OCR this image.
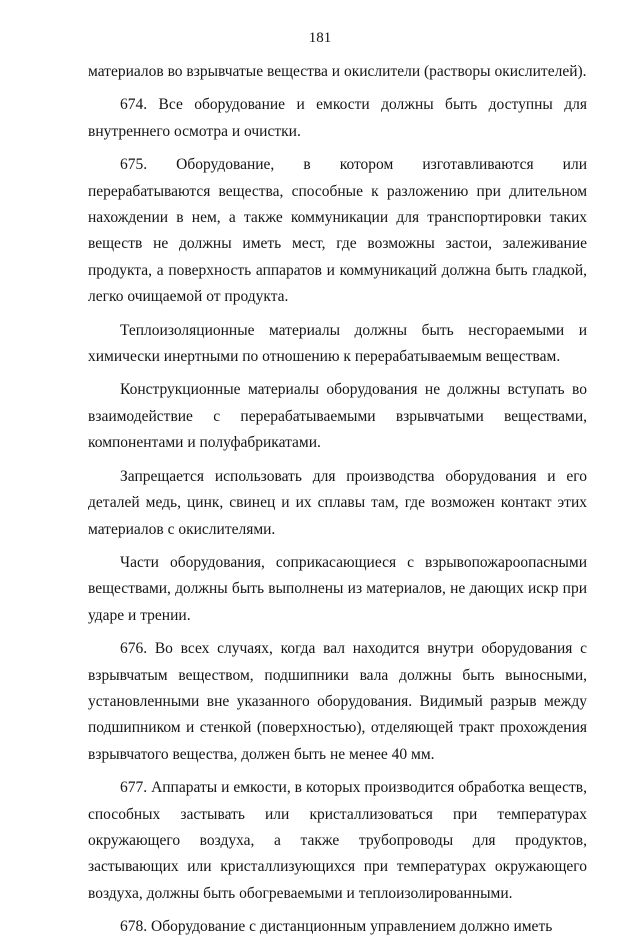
181

материалов во взрывчатые вещества и окислители (растворы окислителей).

674. Все оборудование и емкости должны быть доступны для внутреннего осмотра и очистки.

675. Оборудование, в котором изготавливаются или перерабатываются вещества, способные к разложению при длительном нахождении в нем, а также коммуникации для транспортировки таких веществ не должны иметь мест, где возможны застои, залеживание продукта, а поверхность аппаратов и коммуникаций должна быть гладкой, легко очищаемой от продукта.

Теплоизоляционные материалы должны быть несгораемыми и химически инертными по отношению к перерабатываемым веществам.

Конструкционные материалы оборудования не должны вступать во взаимодействие с перерабатываемыми взрывчатыми веществами, компонентами и полуфабрикатами.

Запрещается использовать для производства оборудования и его деталей медь, цинк, свинец и их сплавы там, где возможен контакт этих материалов с окислителями.

Части оборудования, соприкасающиеся с взрывопожароопасными веществами, должны быть выполнены из материалов, не дающих искр при ударе и трении.

676. Во всех случаях, когда вал находится внутри оборудования с взрывчатым веществом, подшипники вала должны быть выносными, установленными вне указанного оборудования. Видимый разрыв между подшипником и стенкой (поверхностью), отделяющей тракт прохождения взрывчатого вещества, должен быть не менее 40 мм.

677. Аппараты и емкости, в которых производится обработка веществ, способных застывать или кристаллизоваться при температурах окружающего воздуха, а также трубопроводы для продуктов, застывающих или кристаллизующихся при температурах окружающего воздуха, должны быть обогреваемыми и теплоизолированными.

678. Оборудование с дистанционным управлением должно иметь
